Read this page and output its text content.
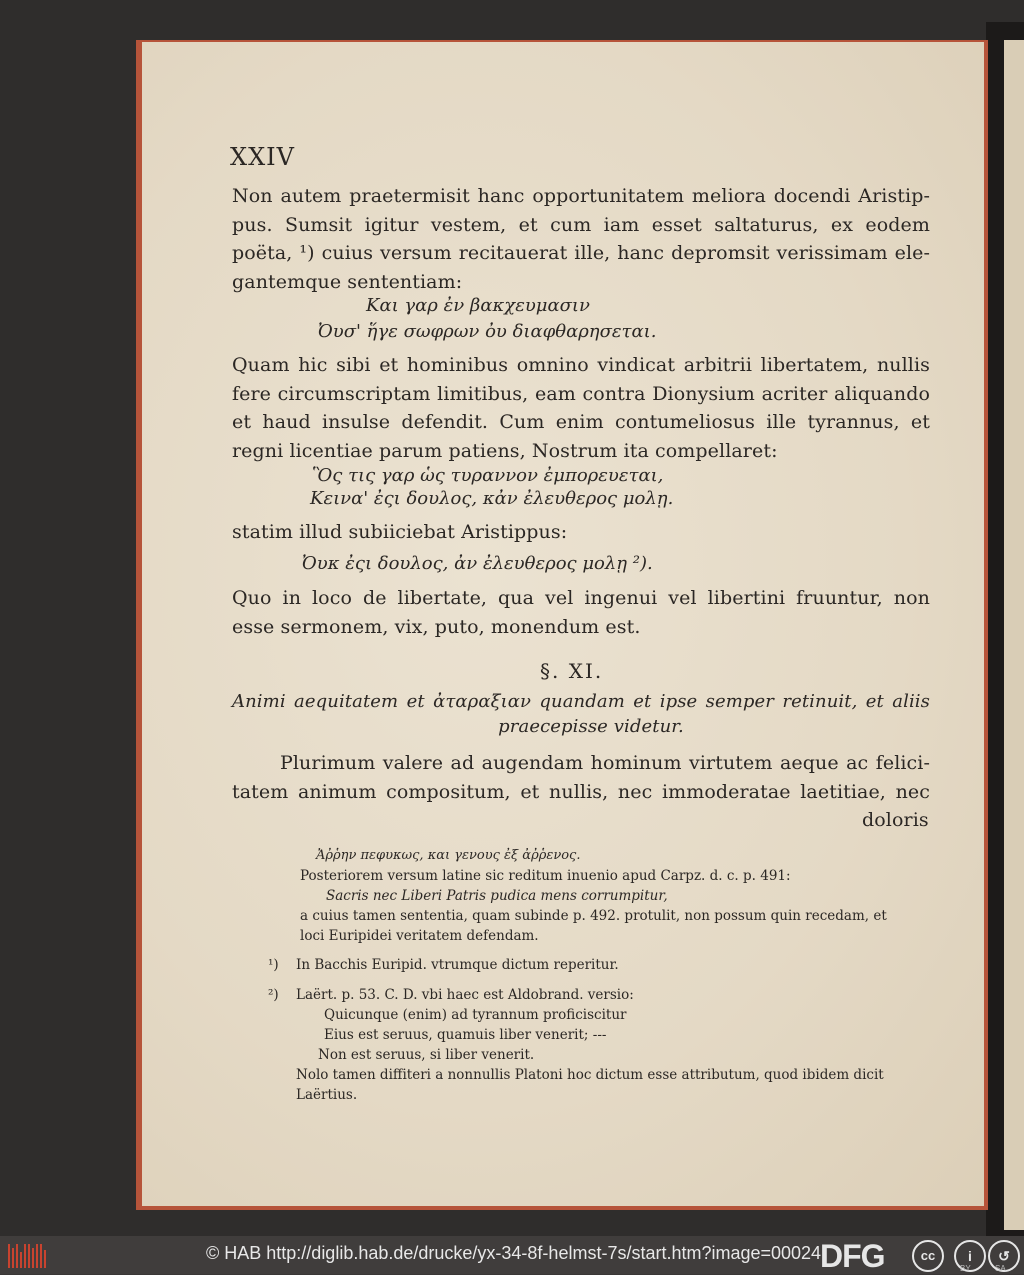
XXIV
Non autem praetermisit hanc opportunitatem meliora docendi Aristip-
pus. Sumsit igitur vestem, et cum iam esset saltaturus, ex eodem
poëta, ¹) cuius versum recitauerat ille, hanc depromsit verissimam ele-
gantemque sententiam:
Και γαρ ἐν βακχευμασιν
Ὀυσ' ἥγε σωφρων ὀυ διαφθαρησεται.
Quam hic sibi et hominibus omnino vindicat arbitrii libertatem, nullis
fere circumscriptam limitibus, eam contra Dionysium acriter aliquando
et haud insulse defendit. Cum enim contumeliosus ille tyrannus, et
regni licentiae parum patiens, Nostrum ita compellaret:
Ὃς τις γαρ ὡς τυραννον ἐμπορευεται,
Κεινα' ἐςι δουλος, κἀν ἐλευθερος μολῃ.
statim illud subiiciebat Aristippus:
Ὀυκ ἐςι δουλος, ἀν ἐλευθερος μολῃ ²).
Quo in loco de libertate, qua vel ingenui vel libertini fruuntur, non
esse sermonem, vix, puto, monendum est.
§. XI.
Animi aequitatem et ἀταραξιαν quandam et ipse semper retinuit, et aliis
praecepisse videtur.
Plurimum valere ad augendam hominum virtutem aeque ac felici-
tatem animum compositum, et nullis, nec immoderatae laetitiae, nec
doloris
Ἀῤῥην πεφυκως, και γενους ἐξ ἀῤῥενος.
Posteriorem versum latine sic reditum inuenio apud Carpz. d. c. p. 491:
Sacris nec Liberi Patris pudica mens corrumpitur,
a cuius tamen sententia, quam subinde p. 492. protulit, non possum quin recedam, et
loci Euripidei veritatem defendam.
¹) In Bacchis Euripid. vtrumque dictum reperitur.
²) Laërt. p. 53. C. D. vbi haec est Aldobrand. versio:
Quicunque (enim) ad tyrannum proficiscitur
Eius est seruus, quamuis liber venerit; ---
Non est seruus, si liber venerit.
Nolo tamen diffiteri a nonnullis Platoni hoc dictum esse attributum, quod ibidem dicit
Laërtius.
© HAB http://diglib.hab.de/drucke/yx-34-8f-helmst-7s/start.htm?image=00024
DFG	cc	i	↺
BY	SA
